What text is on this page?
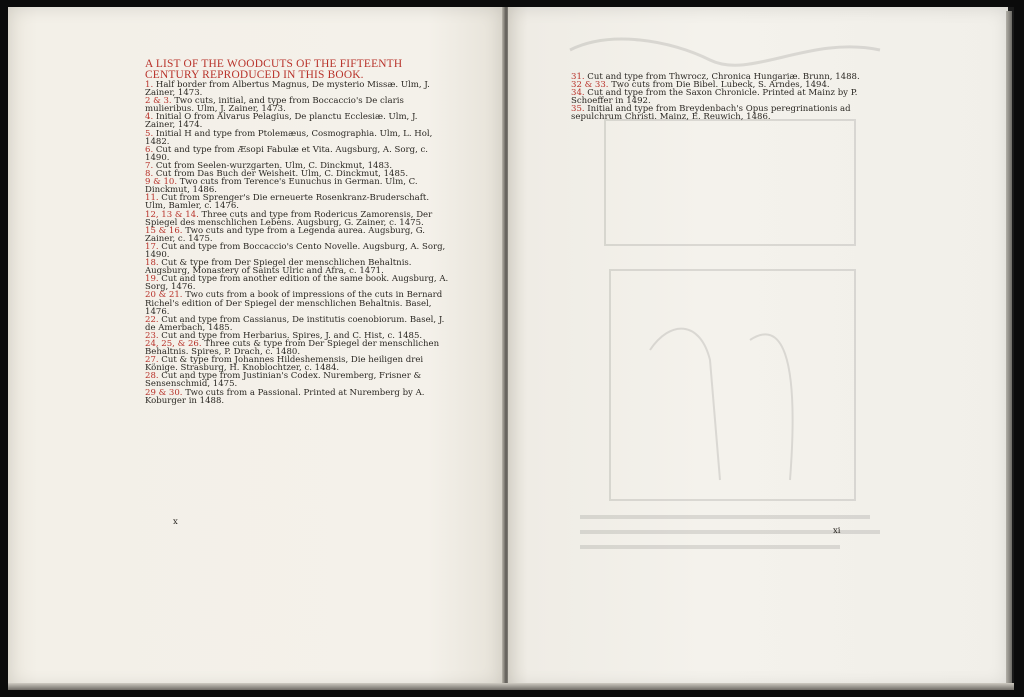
A LIST OF THE WOODCUTS OF THE FIFTEENTH
CENTURY REPRODUCED IN THIS BOOK.
1. Half border from Albertus Magnus, De mysterio Missæ. Ulm, J. Zainer, 1473.
2 & 3. Two cuts, initial, and type from Boccaccio's De claris mulieribus. Ulm, J. Zainer, 1473.
4. Initial O from Alvarus Pelagius, De planctu Ecclesiæ. Ulm, J. Zainer, 1474.
5. Initial H and type from Ptolemæus, Cosmographia. Ulm, L. Hol, 1482.
6. Cut and type from Æsopi Fabulæ et Vita. Augsburg, A. Sorg, c. 1490.
7. Cut from Seelen-wurzgarten. Ulm, C. Dinckmut, 1483.
8. Cut from Das Buch der Weisheit. Ulm, C. Dinckmut, 1485.
9 & 10. Two cuts from Terence's Eunuchus in German. Ulm, C. Dinckmut, 1486.
11. Cut from Sprenger's Die erneuerte Rosenkranz-Bruderschaft. Ulm, Bamler, c. 1476.
12, 13 & 14. Three cuts and type from Rodericus Zamorensis, Der Spiegel des menschlichen Lebens. Augsburg, G. Zainer, c. 1475.
15 & 16. Two cuts and type from a Legenda aurea. Augsburg, G. Zainer, c. 1475.
17. Cut and type from Boccaccio's Cento Novelle. Augsburg, A. Sorg, 1490.
18. Cut & type from Der Spiegel der menschlichen Behaltnis. Augsburg, Monastery of Saints Ulric and Afra, c. 1471.
19. Cut and type from another edition of the same book. Augsburg, A. Sorg, 1476.
20 & 21. Two cuts from a book of impressions of the cuts in Bernard Richel's edition of Der Spiegel der menschlichen Behaltnis. Basel, 1476.
22. Cut and type from Cassianus, De institutis coenobiorum. Basel, J. de Amerbach, 1485.
23. Cut and type from Herbarius. Spires, J. and C. Hist, c. 1485.
24, 25, & 26. Three cuts & type from Der Spiegel der menschlichen Behaltnis. Spires, P. Drach, c. 1480.
27. Cut & type from Johannes Hildeshemensis, Die heiligen drei Könige. Strasburg, H. Knoblochtzer, c. 1484.
28. Cut and type from Justinian's Codex. Nuremberg, Frisner & Sensenschmid, 1475.
29 & 30. Two cuts from a Passional. Printed at Nuremberg by A. Koburger in 1488.
x
31. Cut and type from Thwrocz, Chronica Hungariæ. Brunn, 1488.
32 & 33. Two cuts from Die Bibel. Lubeck, S. Arndes, 1494.
34. Cut and type from the Saxon Chronicle. Printed at Mainz by P. Schoeffer in 1492.
35. Initial and type from Breydenbach's Opus peregrinationis ad sepulchrum Christi. Mainz, E. Reuwich, 1486.
xi
